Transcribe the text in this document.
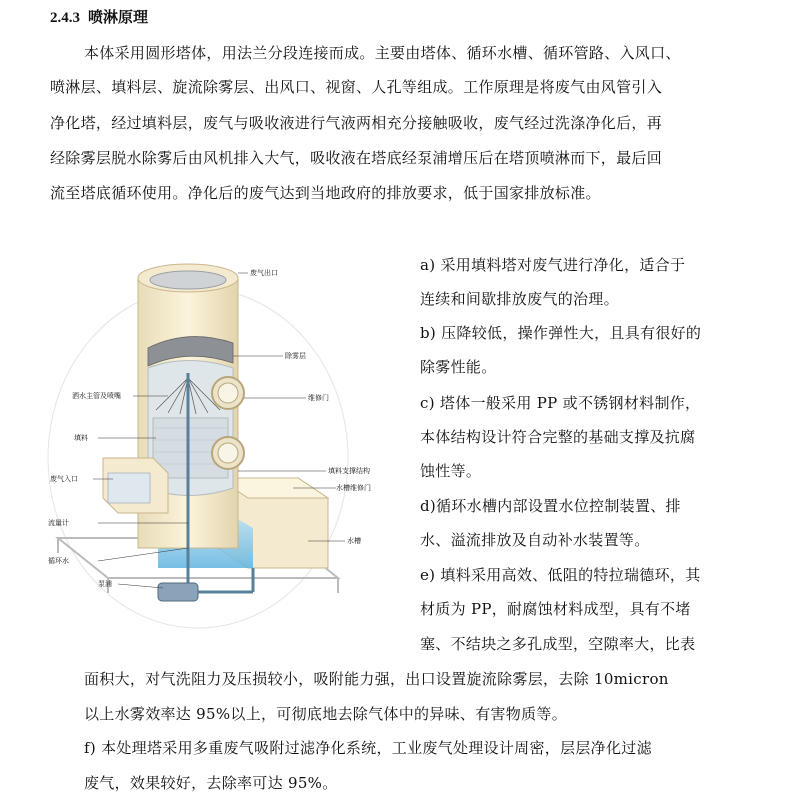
2.4.3 喷淋原理
本体采用圆形塔体，用法兰分段连接而成。主要由塔体、循环水槽、循环管路、入风口、
喷淋层、填料层、旋流除雾层、出风口、视窗、人孔等组成。工作原理是将废气由风管引入
净化塔，经过填料层，废气与吸收液进行气液两相充分接触吸收，废气经过洗涤净化后，再
经除雾层脱水除雾后由风机排入大气，吸收液在塔底经泵浦增压后在塔顶喷淋而下，最后回
流至塔底循环使用。净化后的废气达到当地政府的排放要求，低于国家排放标准。
废气出口
除雾层
洒水主管及喷嘴	维修门
填料
填料支撑结构
废气入口
水槽维修门
流量计
水槽
循环水
泵浦
a) 采用填料塔对废气进行净化，适合于
连续和间歇排放废气的治理。
b) 压降较低，操作弹性大，且具有很好的
除雾性能。
c) 塔体一般采用 PP 或不锈钢材料制作，
本体结构设计符合完整的基础支撑及抗腐
蚀性等。
d)循环水槽内部设置水位控制装置、排
水、溢流排放及自动补水装置等。
e) 填料采用高效、低阻的特拉瑞德环，其
材质为 PP，耐腐蚀材料成型，具有不堵
塞、不结块之多孔成型，空隙率大，比表
面积大，对气洗阻力及压损较小，吸附能力强，出口设置旋流除雾层，去除 10micron
以上水雾效率达 95%以上，可彻底地去除气体中的异味、有害物质等。
f) 本处理塔采用多重废气吸附过滤净化系统，工业废气处理设计周密，层层净化过滤
废气，效果较好，去除率可达 95%。
